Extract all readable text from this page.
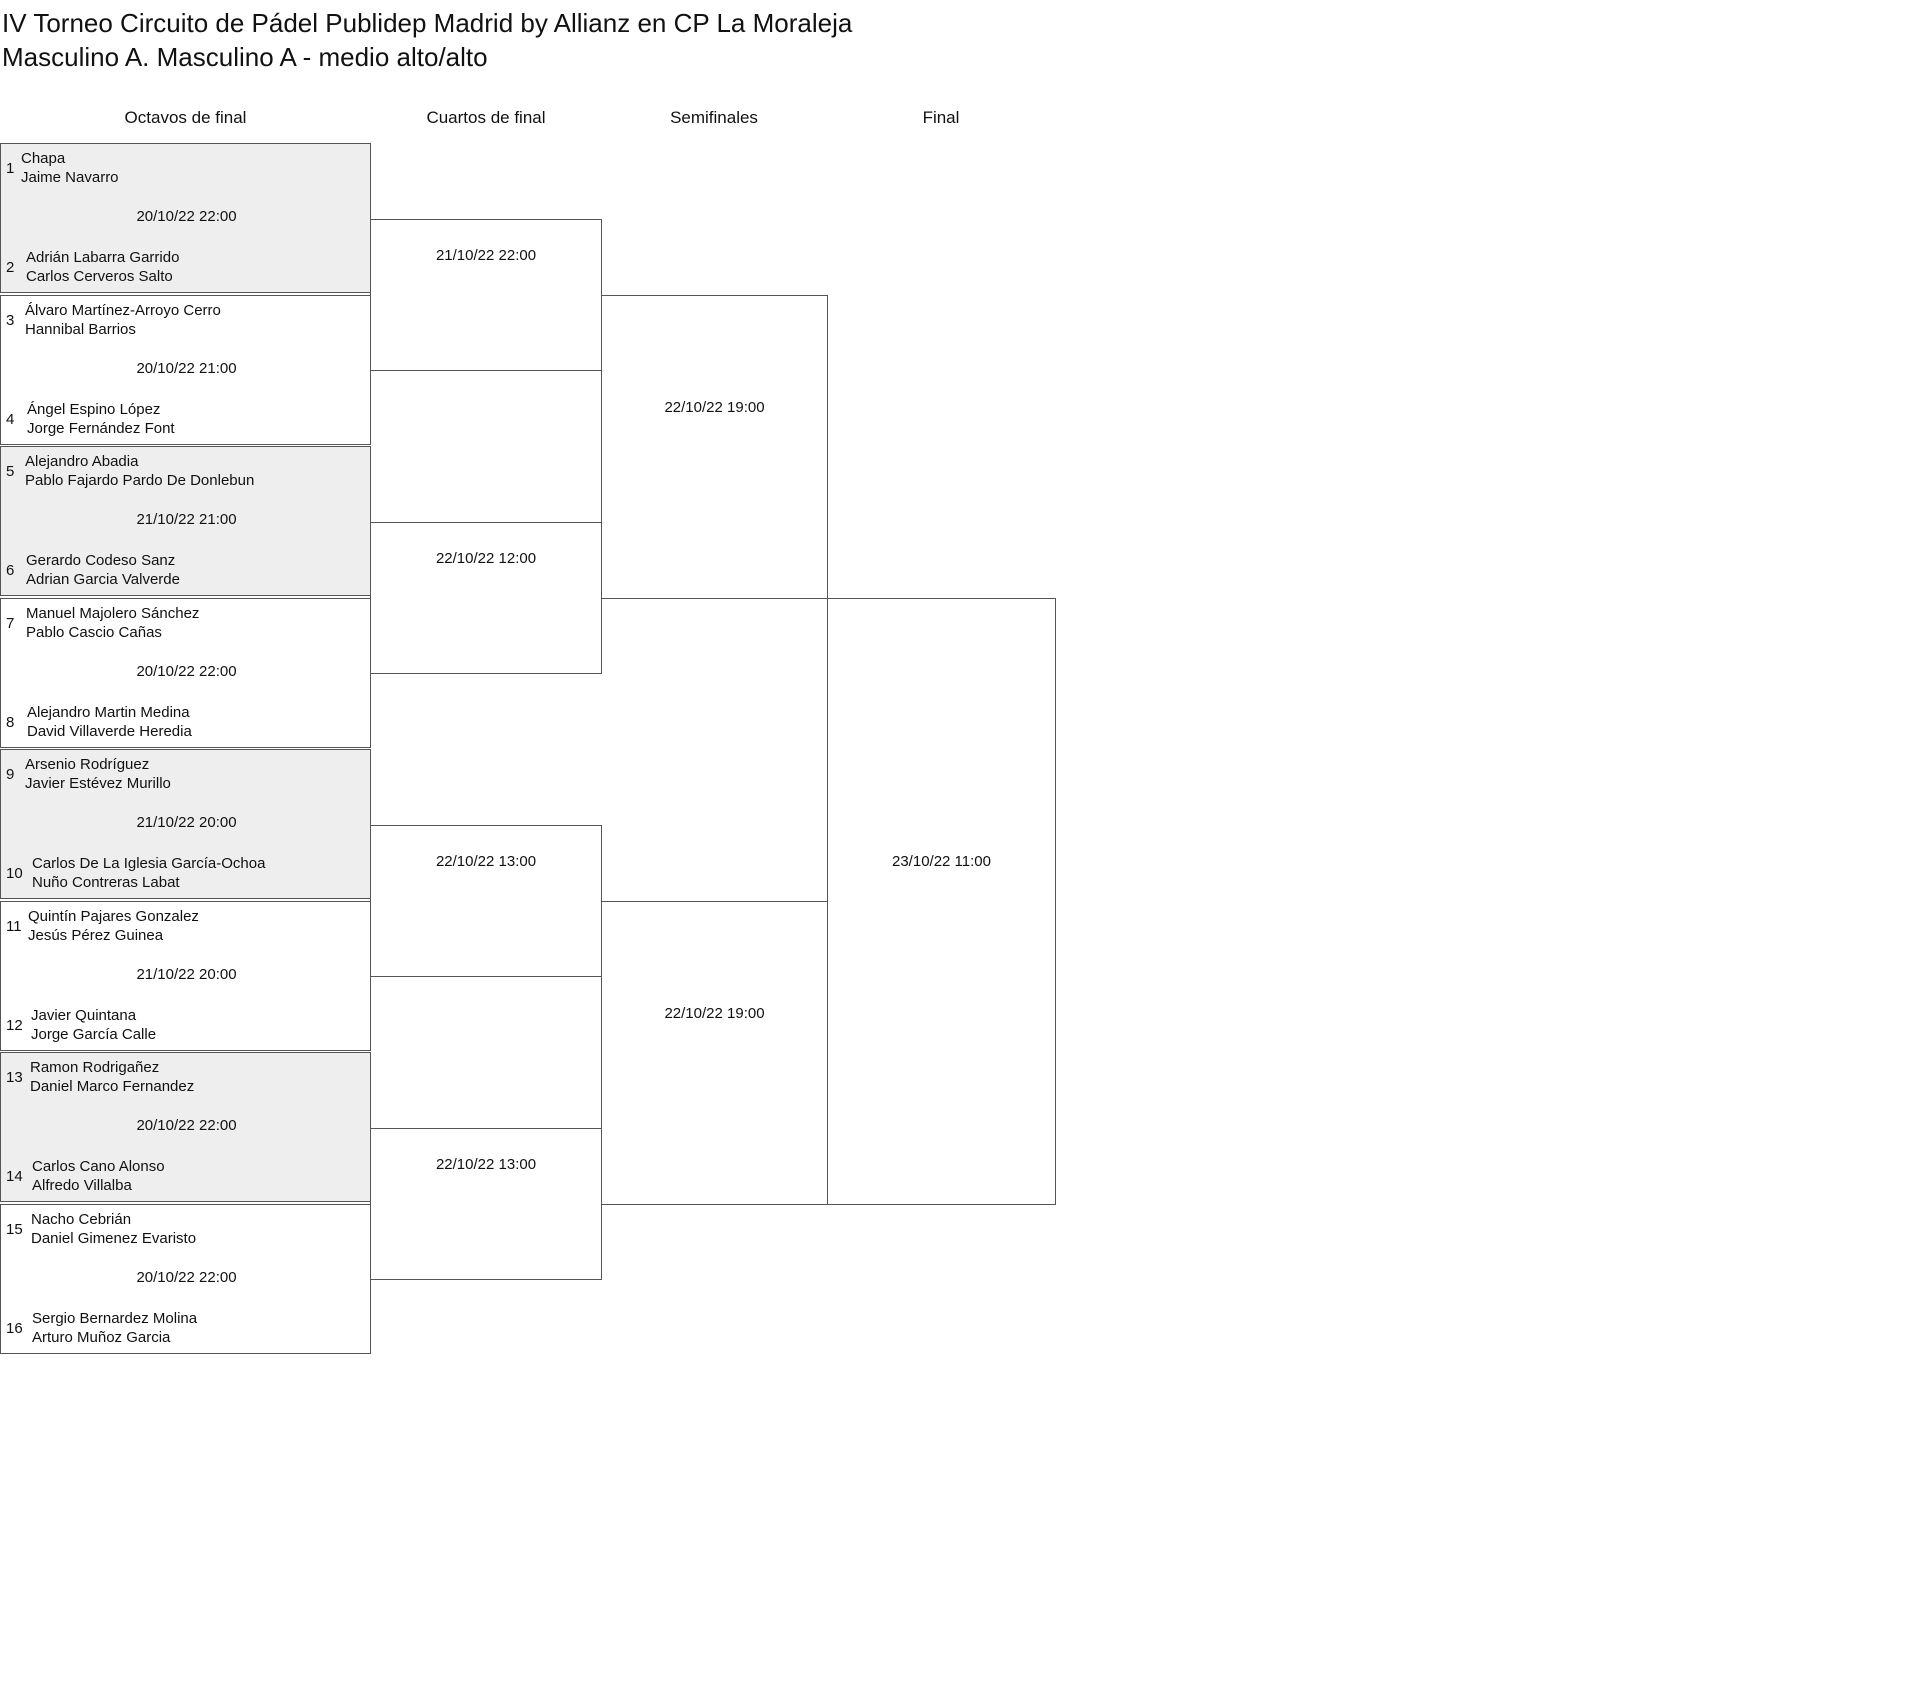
IV Torneo Circuito de Pádel Publidep Madrid by Allianz en CP La Moraleja
Masculino A. Masculino A - medio alto/alto
Octavos de final	Cuartos de final	Semifinales	Final
1
Chapa
Jaime Navarro
20/10/22 22:00
2
Adrián Labarra Garrido
Carlos Cerveros Salto
3
Álvaro Martínez-Arroyo Cerro
Hannibal Barrios
20/10/22 21:00
4
Ángel Espino López
Jorge Fernández Font
5
Alejandro Abadia
Pablo Fajardo Pardo De Donlebun
21/10/22 21:00
6
Gerardo Codeso Sanz
Adrian Garcia Valverde
7
Manuel Majolero Sánchez
Pablo Cascio Cañas
20/10/22 22:00
8
Alejandro Martin Medina
David Villaverde Heredia
9
Arsenio Rodríguez
Javier Estévez Murillo
21/10/22 20:00
10
Carlos De La Iglesia García-Ochoa
Nuño Contreras Labat
11
Quintín Pajares Gonzalez
Jesús Pérez Guinea
21/10/22 20:00
12
Javier Quintana
Jorge García Calle
13
Ramon Rodrigañez
Daniel Marco Fernandez
20/10/22 22:00
14
Carlos Cano Alonso
Alfredo Villalba
15
Nacho Cebrián
Daniel Gimenez Evaristo
20/10/22 22:00
16
Sergio Bernardez Molina
Arturo Muñoz Garcia
21/10/22 22:00
22/10/22 12:00
22/10/22 13:00
22/10/22 13:00
22/10/22 19:00
22/10/22 19:00
23/10/22 11:00
